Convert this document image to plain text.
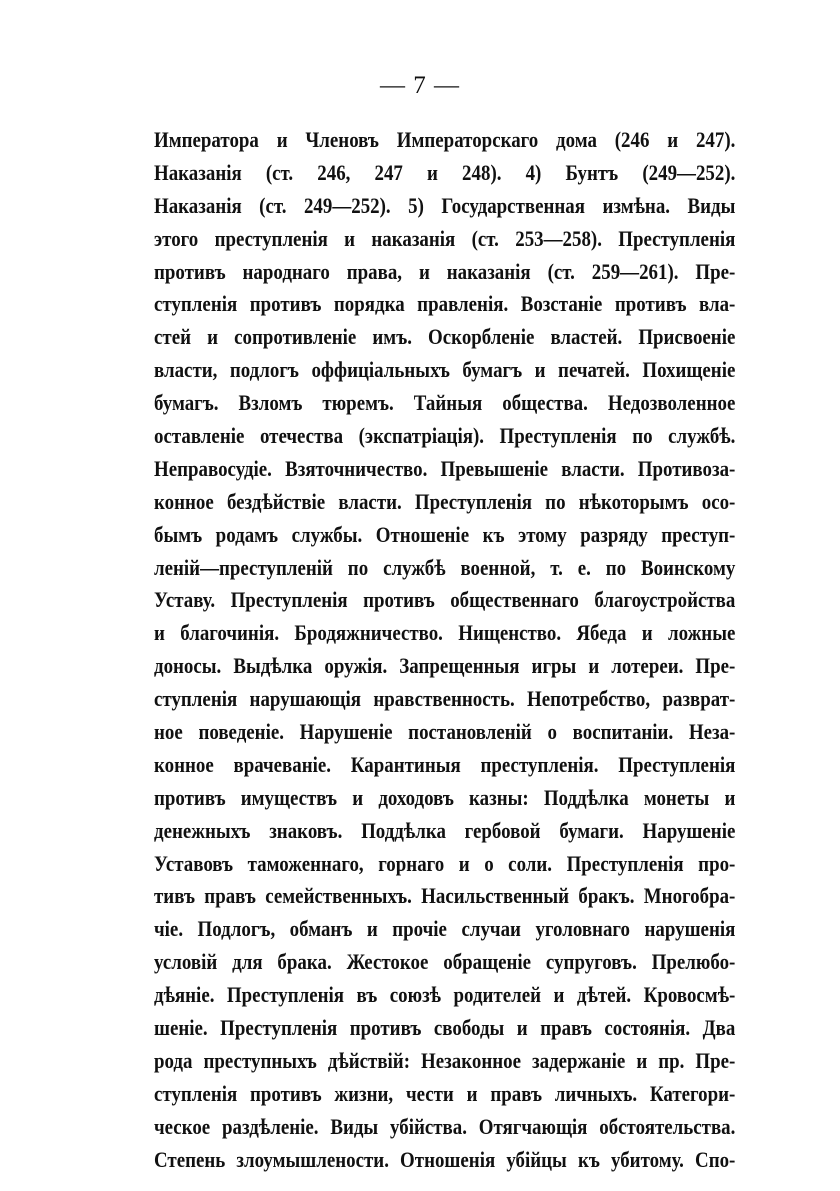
— 7 —
Императора и Членовъ Императорскаго дома (246 и 247).
Наказанія (ст. 246, 247 и 248). 4) Бунтъ (249—252).
Наказанія (ст. 249—252). 5) Государственная измѣна. Виды
этого преступленія и наказанія (ст. 253—258). Преступленія
противъ народнаго права, и наказанія (ст. 259—261). Пре-
ступленія противъ порядка правленія. Возстаніе противъ вла-
стей и сопротивленіе имъ. Оскорбленіе властей. Присвоеніе
власти, подлогъ оффиціальныхъ бумагъ и печатей. Похищеніе
бумагъ. Взломъ тюремъ. Тайныя общества. Недозволенное
оставленіе отечества (экспатріація). Преступленія по службѣ.
Неправосудіе. Взяточничество. Превышеніе власти. Противоза-
конное бездѣйствіе власти. Преступленія по нѣкоторымъ осо-
бымъ родамъ службы. Отношеніе къ этому разряду преступ-
леній—преступленій по службѣ военной, т. е. по Воинскому
Уставу. Преступленія противъ общественнаго благоустройства
и благочинія. Бродяжничество. Нищенство. Ябеда и ложные
доносы. Выдѣлка оружія. Запрещенныя игры и лотереи. Пре-
ступленія нарушающія нравственность. Непотребство, разврат-
ное поведеніе. Нарушеніе постановленій о воспитаніи. Неза-
конное врачеваніе. Карантиныя преступленія. Преступленія
противъ имуществъ и доходовъ казны: Поддѣлка монеты и
денежныхъ знаковъ. Поддѣлка гербовой бумаги. Нарушеніе
Уставовъ таможеннаго, горнаго и о соли. Преступленія про-
тивъ правъ семейственныхъ. Насильственный бракъ. Многобра-
чіе. Подлогъ, обманъ и прочіе случаи уголовнаго нарушенія
условій для брака. Жестокое обращеніе супруговъ. Прелюбо-
дѣяніе. Преступленія въ союзѣ родителей и дѣтей. Кровосмѣ-
шеніе. Преступленія противъ свободы и правъ состоянія. Два
рода преступныхъ дѣйствій: Незаконное задержаніе и пр. Пре-
ступленія противъ жизни, чести и правъ личныхъ. Категори-
ческое раздѣленіе. Виды убійства. Отягчающія обстоятельства.
Степень злоумышлености. Отношенія убійцы къ убитому. Спо-
